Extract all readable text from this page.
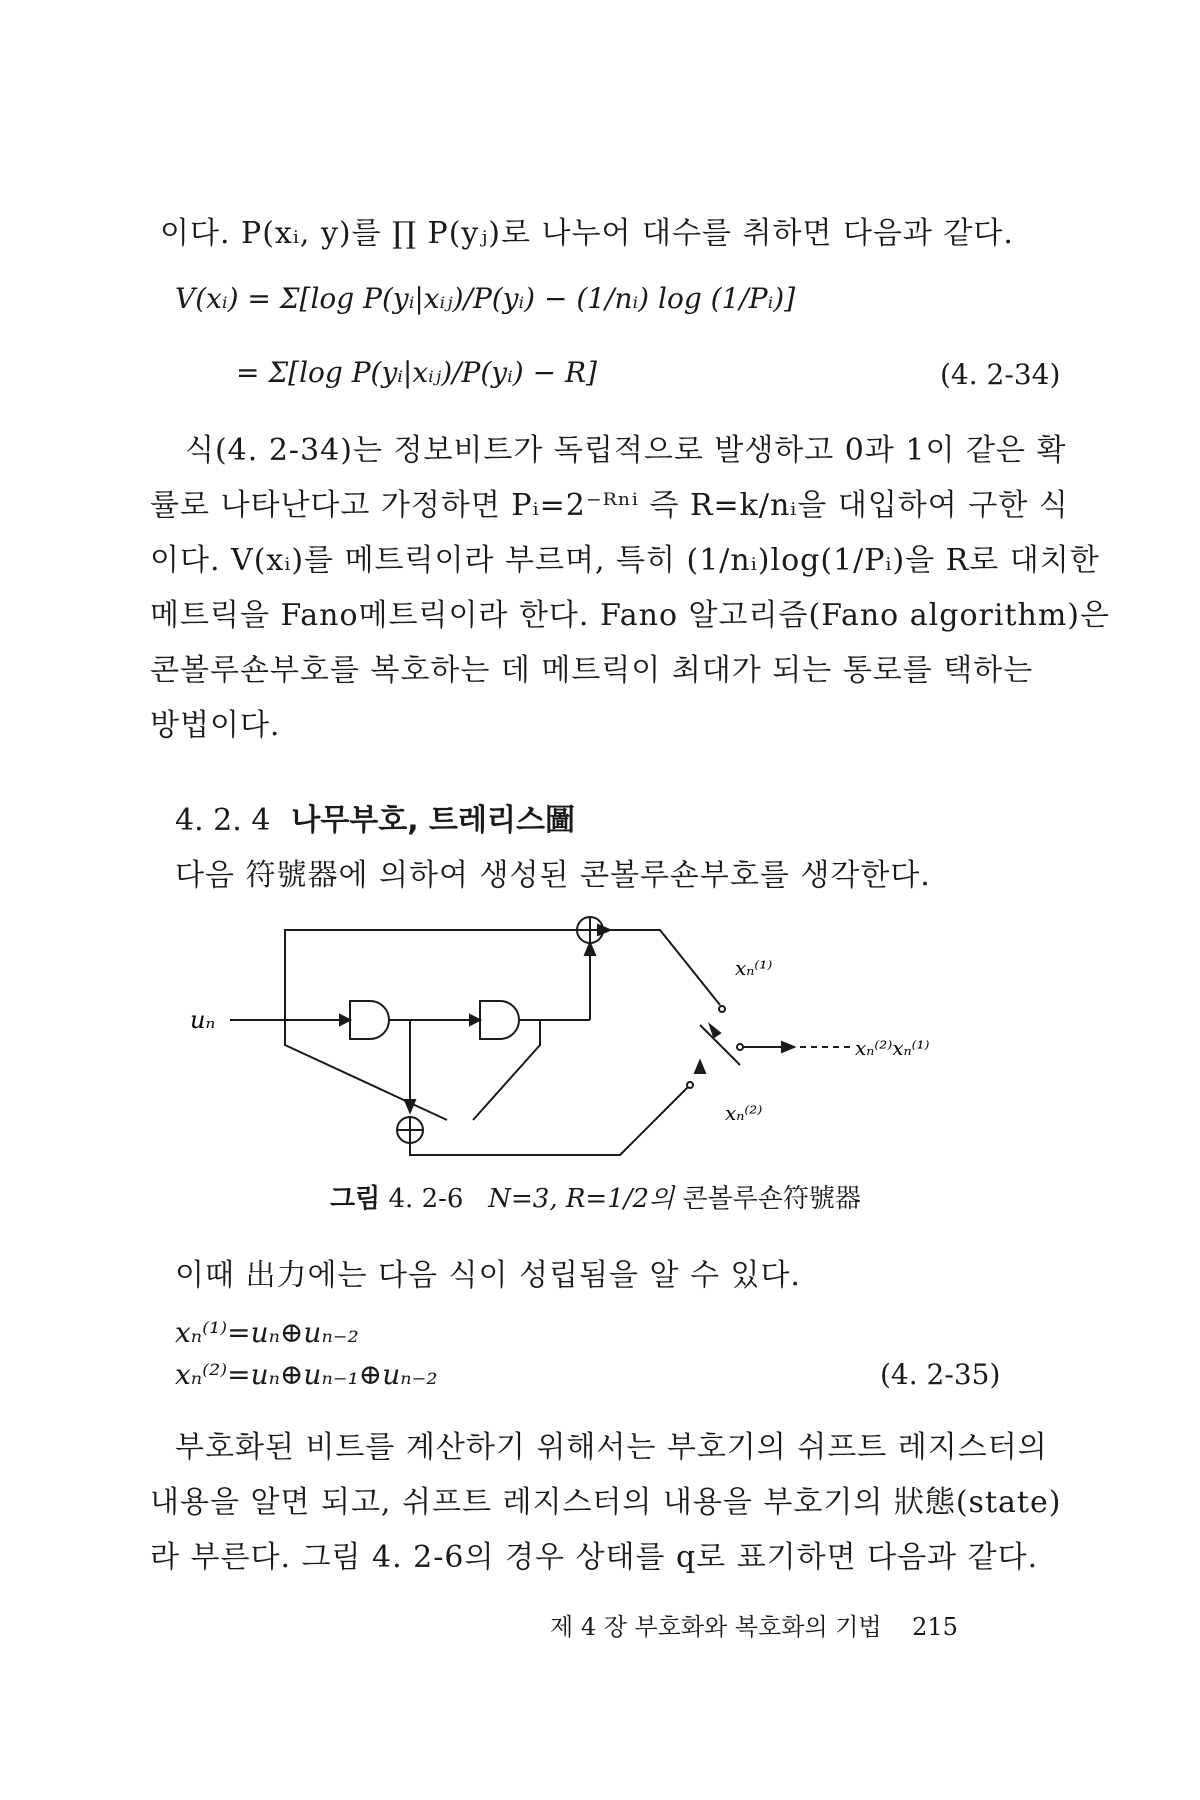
이다. P(xᵢ, y)를 ∏ P(yⱼ)로 나누어 대수를 취하면 다음과 같다.
V(xᵢ) = Σ[log P(yᵢ|xᵢⱼ)/P(yᵢ) − (1/nᵢ) log (1/Pᵢ)]
= Σ[log P(yᵢ|xᵢⱼ)/P(yᵢ) − R]	(4. 2-34)
식(4. 2-34)는 정보비트가 독립적으로 발생하고 0과 1이 같은 확
률로 나타난다고 가정하면 Pᵢ=2⁻ᴿⁿⁱ 즉 R=k/nᵢ을 대입하여 구한 식
이다. V(xᵢ)를 메트릭이라 부르며, 특히 (1/nᵢ)log(1/Pᵢ)을 R로 대치한
메트릭을 Fano메트릭이라 한다. Fano 알고리즘(Fano algorithm)은
콘볼루숀부호를 복호하는 데 메트릭이 최대가 되는 통로를 택하는
방법이다.
4. 2. 4 나무부호, 트레리스圖
다음 符號器에 의하여 생성된 콘볼루숀부호를 생각한다.
uₙ
xₙ⁽¹⁾
xₙ⁽²⁾
xₙ⁽²⁾xₙ⁽¹⁾
그림 4. 2-6 N=3, R=1/2의 콘볼루숀符號器
이때 出力에는 다음 식이 성립됨을 알 수 있다.
xₙ⁽¹⁾=uₙ⊕uₙ₋₂
xₙ⁽²⁾=uₙ⊕uₙ₋₁⊕uₙ₋₂	(4. 2-35)
부호화된 비트를 계산하기 위해서는 부호기의 쉬프트 레지스터의
내용을 알면 되고, 쉬프트 레지스터의 내용을 부호기의 狀態(state)
라 부른다. 그림 4. 2-6의 경우 상태를 q로 표기하면 다음과 같다.
제 4 장 부호화와 복호화의 기법 215
